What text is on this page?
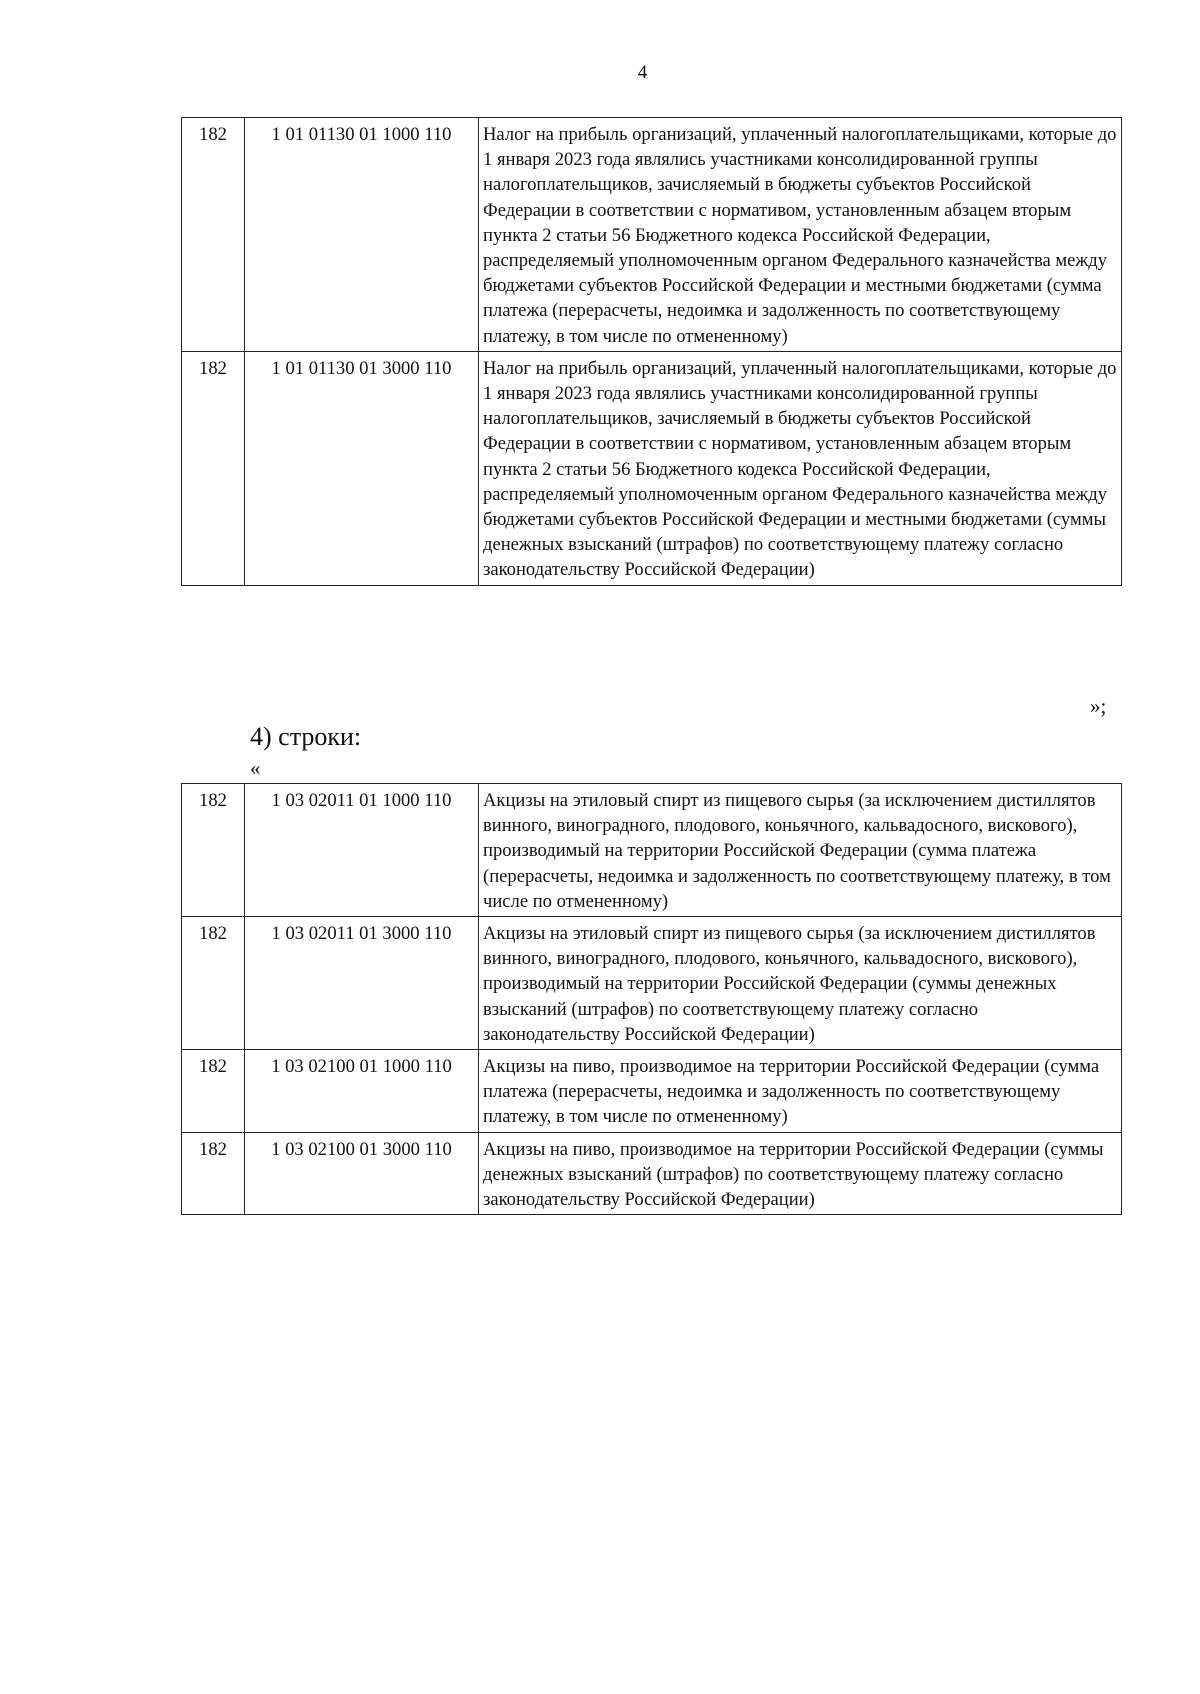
4
182	1 01 01130 01 1000 110	Налог на прибыль организаций, уплаченный налогоплательщиками, которые до 1 января 2023 года являлись участниками консолидированной группы налогоплательщиков, зачисляемый в бюджеты субъектов Российской Федерации в соответствии с нормативом, установленным абзацем вторым пункта 2 статьи 56 Бюджетного кодекса Российской Федерации, распределяемый уполномоченным органом Федерального казначейства между бюджетами субъектов Российской Федерации и местными бюджетами (сумма платежа (перерасчеты, недоимка и задолженность по соответствующему платежу, в том числе по отмененному)
182	1 01 01130 01 3000 110	Налог на прибыль организаций, уплаченный налогоплательщиками, которые до 1 января 2023 года являлись участниками консолидированной группы налогоплательщиков, зачисляемый в бюджеты субъектов Российской Федерации в соответствии с нормативом, установленным абзацем вторым пункта 2 статьи 56 Бюджетного кодекса Российской Федерации, распределяемый уполномоченным органом Федерального казначейства между бюджетами субъектов Российской Федерации и местными бюджетами (суммы денежных взысканий (штрафов) по соответствующему платежу согласно законодательству Российской Федерации)
»;
4) строки:
«
182	1 03 02011 01 1000 110	Акцизы на этиловый спирт из пищевого сырья (за исключением дистиллятов винного, виноградного, плодового, коньячного, кальвадосного, вискового), производимый на территории Российской Федерации (сумма платежа (перерасчеты, недоимка и задолженность по соответствующему платежу, в том числе по отмененному)
182	1 03 02011 01 3000 110	Акцизы на этиловый спирт из пищевого сырья (за исключением дистиллятов винного, виноградного, плодового, коньячного, кальвадосного, вискового), производимый на территории Российской Федерации (суммы денежных взысканий (штрафов) по соответствующему платежу согласно законодательству Российской Федерации)
182	1 03 02100 01 1000 110	Акцизы на пиво, производимое на территории Российской Федерации (сумма платежа (перерасчеты, недоимка и задолженность по соответствующему платежу, в том числе по отмененному)
182	1 03 02100 01 3000 110	Акцизы на пиво, производимое на территории Российской Федерации (суммы денежных взысканий (штрафов) по соответствующему платежу согласно законодательству Российской Федерации)
